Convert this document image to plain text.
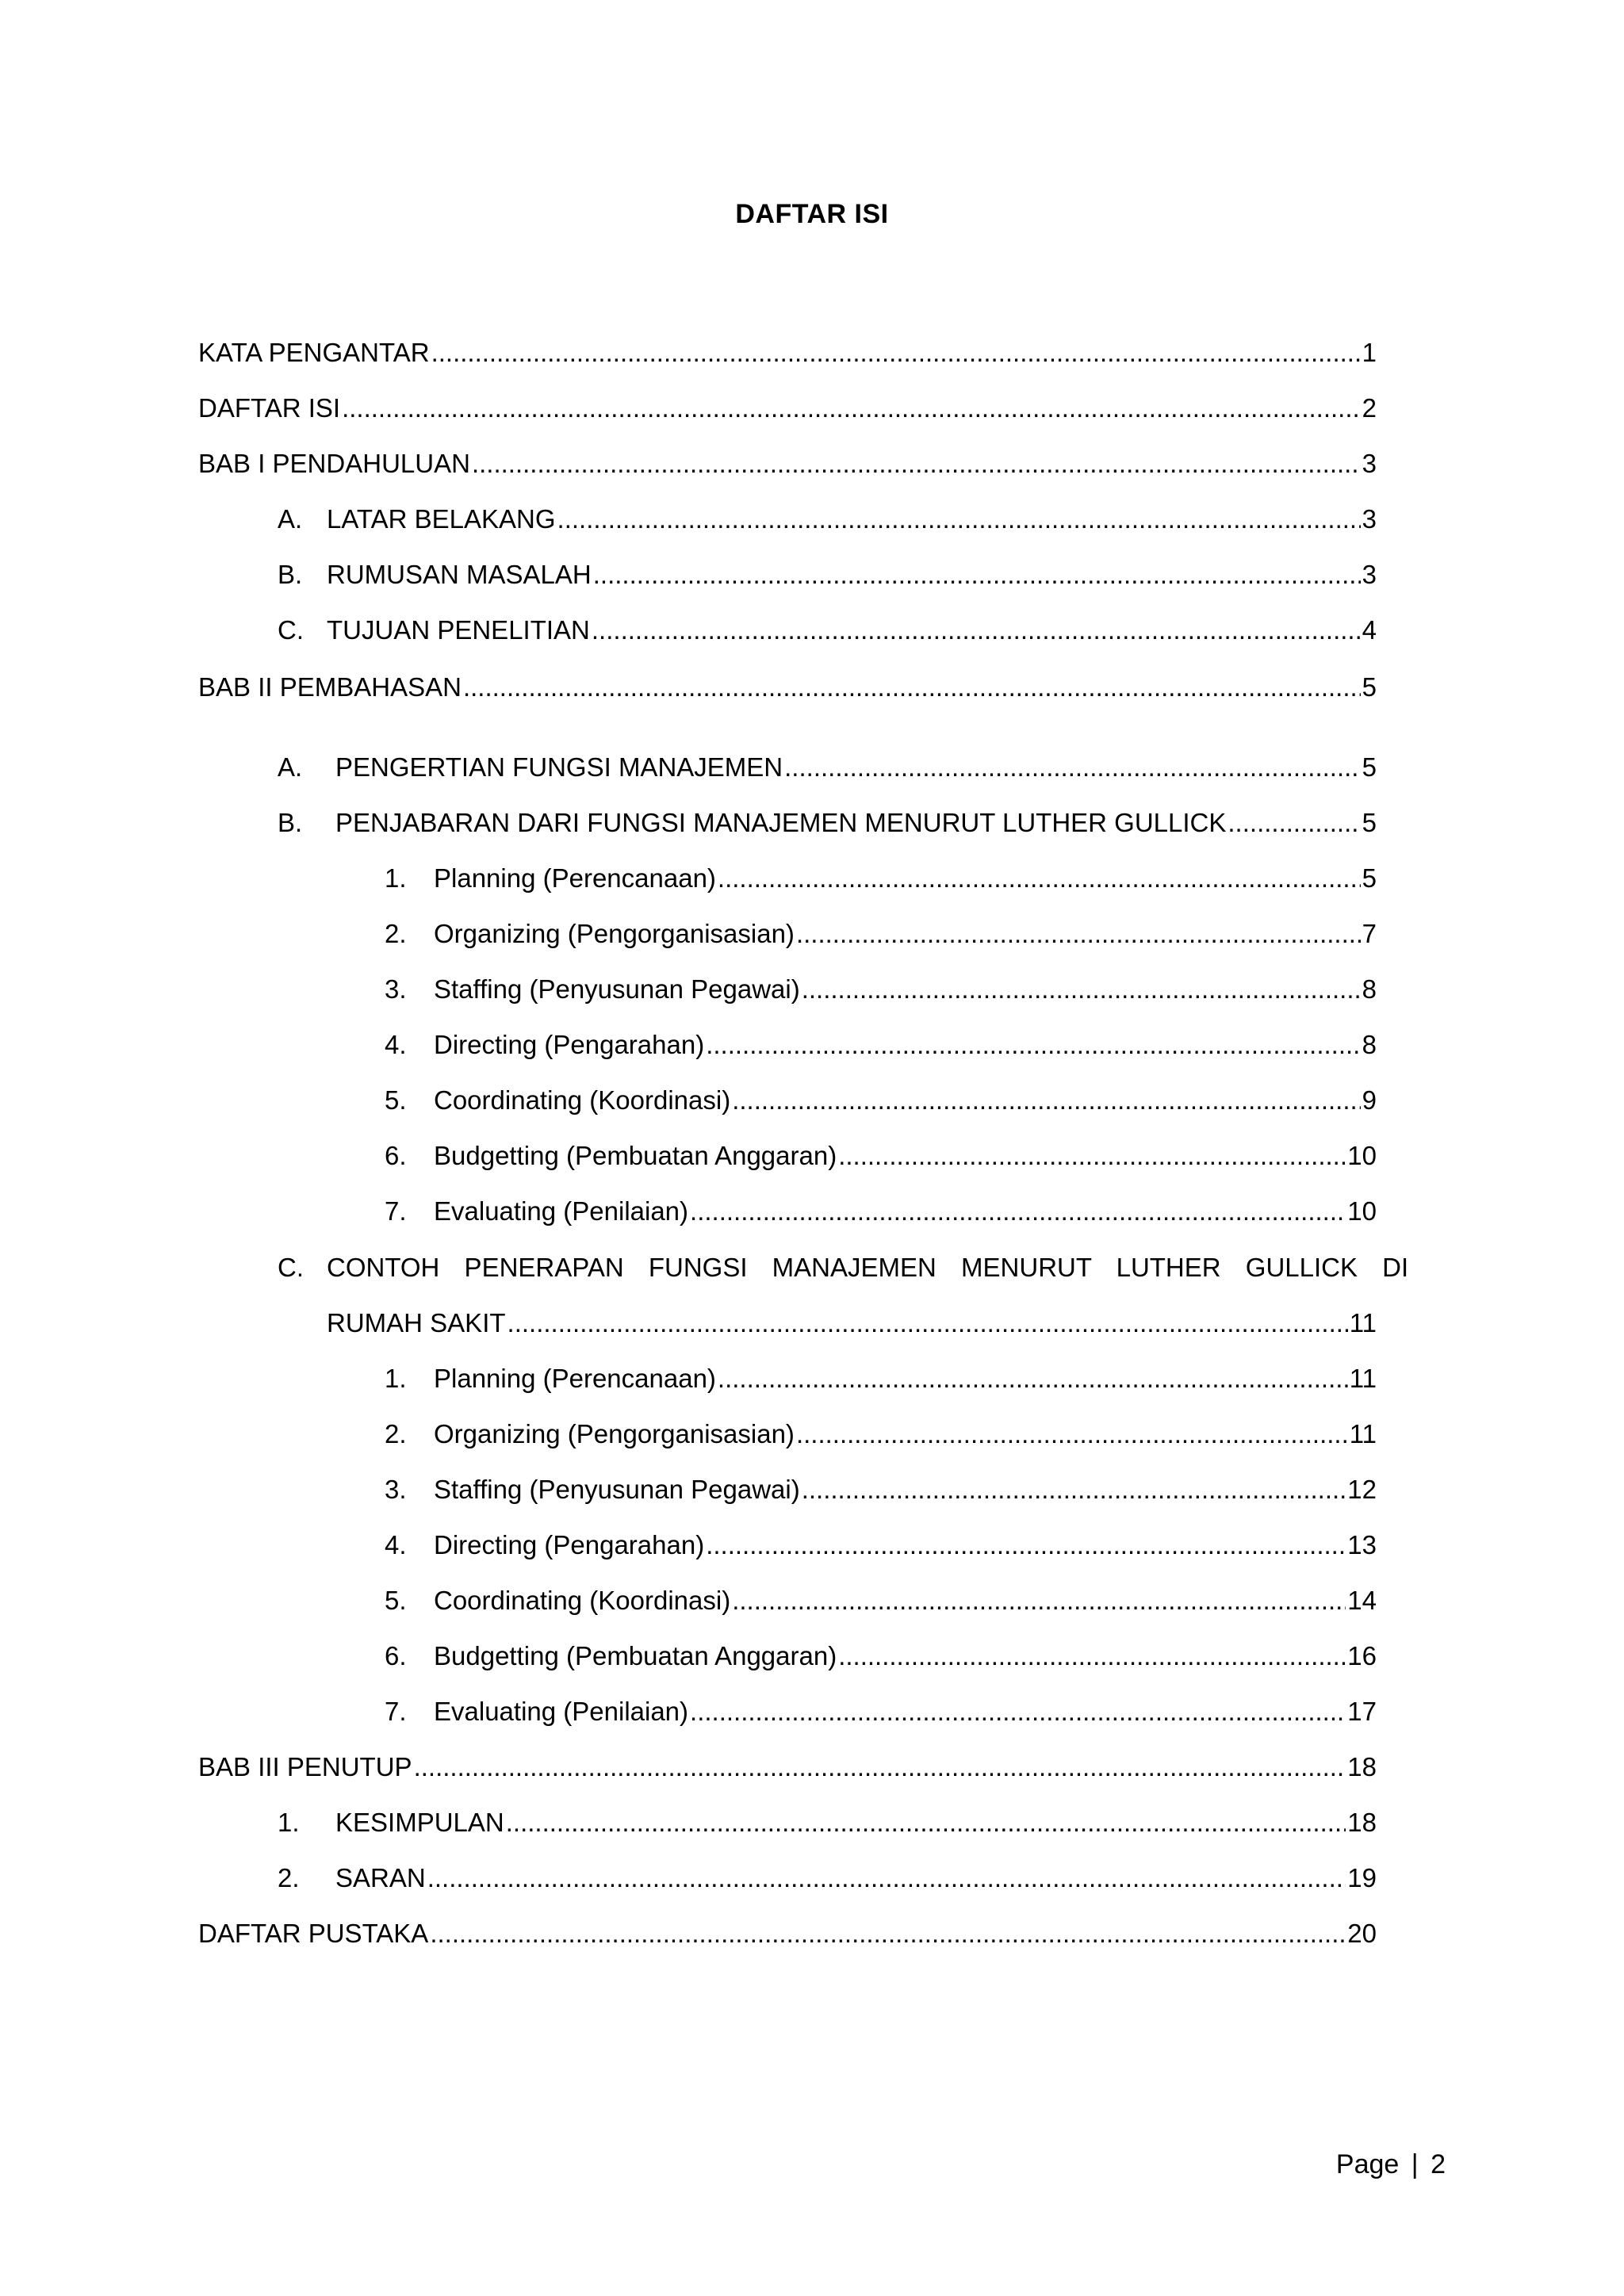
DAFTAR ISI
KATA PENGANTAR .....	1
DAFTAR ISI .....	2
BAB I PENDAHULUAN .....	3
A. LATAR BELAKANG .....	3
B. RUMUSAN MASALAH .....	3
C. TUJUAN PENELITIAN .....	4
BAB II PEMBAHASAN .....	5
A.	PENGERTIAN FUNGSI MANAJEMEN .....	5
B.	PENJABARAN DARI FUNGSI MANAJEMEN MENURUT LUTHER GULLICK .....	5
1.	Planning (Perencanaan) .....	5
2.	Organizing (Pengorganisasian) .....	7
3.	Staffing (Penyusunan Pegawai) .....	8
4.	Directing (Pengarahan) .....	8
5.	Coordinating (Koordinasi) .....	9
6.	Budgetting (Pembuatan Anggaran) .....	10
7.	Evaluating (Penilaian) .....	10
C. CONTOH PENERAPAN FUNGSI MANAJEMEN MENURUT LUTHER GULLICK DI
RUMAH SAKIT .....	11
1.	Planning (Perencanaan) .....	11
2.	Organizing (Pengorganisasian) .....	11
3.	Staffing (Penyusunan Pegawai) .....	12
4.	Directing (Pengarahan) .....	13
5.	Coordinating (Koordinasi) .....	14
6.	Budgetting (Pembuatan Anggaran) .....	16
7.	Evaluating (Penilaian) .....	17
BAB III PENUTUP .....	18
1.	KESIMPULAN .....	18
2.	SARAN .....	19
DAFTAR PUSTAKA .....	20
Page | 2
